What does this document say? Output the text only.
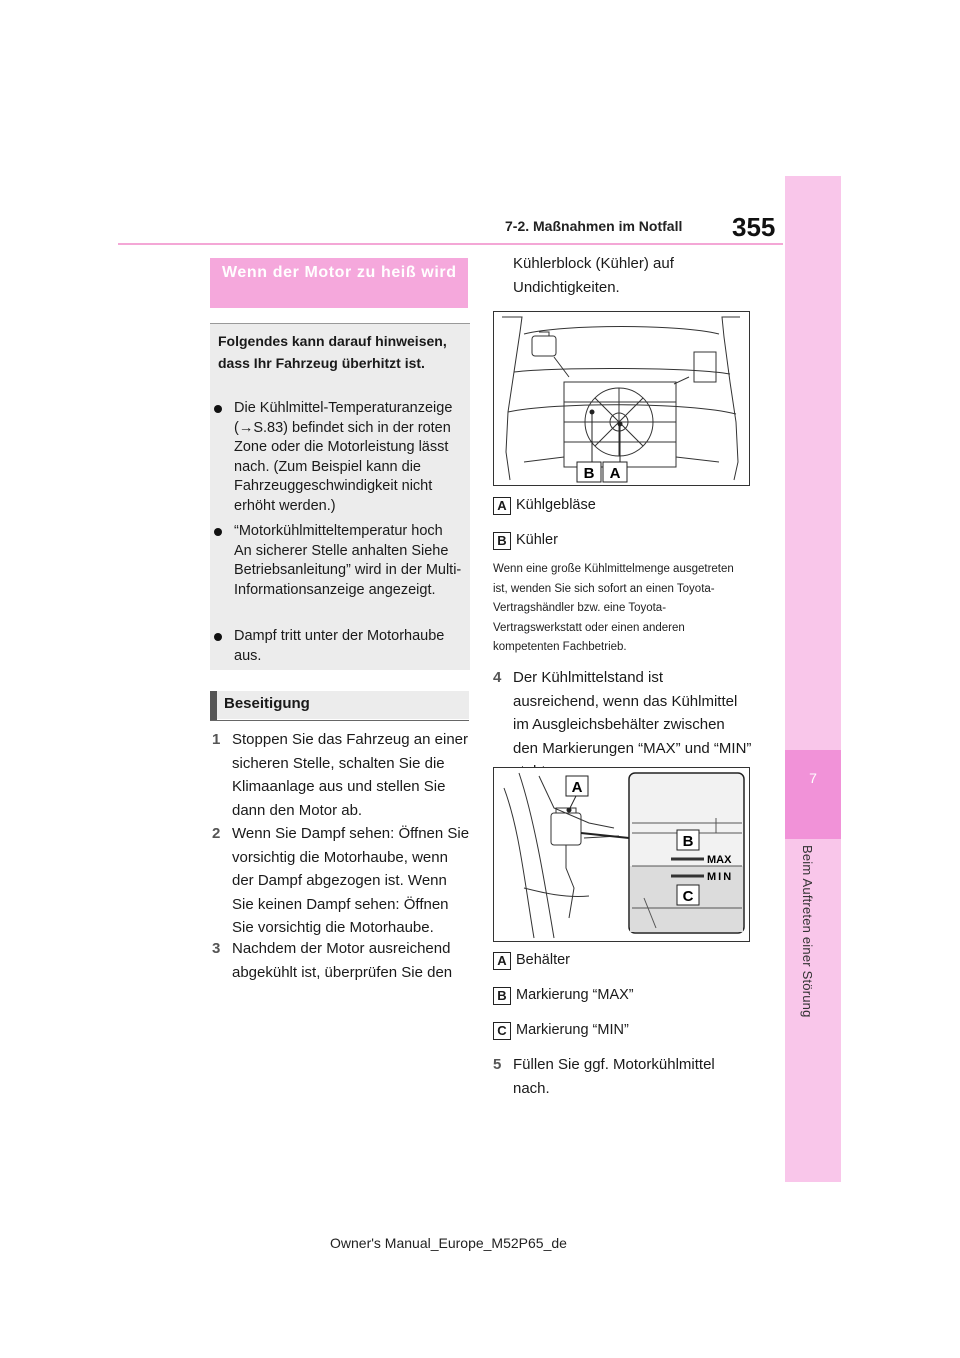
7-2. Maßnahmen im Notfall 355
7
Beim Auftreten einer Störung
Wenn der Motor zu heiß wird
Folgendes kann darauf hinweisen, dass Ihr Fahrzeug überhitzt ist.
Die Kühlmittel-Temperaturanzeige (→S.83) befindet sich in der roten Zone oder die Motorleistung lässt nach. (Zum Beispiel kann die Fahrzeuggeschwindigkeit nicht erhöht werden.)
“Motorkühlmitteltemperatur hoch An sicherer Stelle anhalten Siehe Betriebsanleitung” wird in der Multi-Informationsanzeige angezeigt.
Dampf tritt unter der Motorhaube aus.
Beseitigung
1 Stoppen Sie das Fahrzeug an einer sicheren Stelle, schalten Sie die Klimaanlage aus und stellen Sie dann den Motor ab.
2 Wenn Sie Dampf sehen: Öffnen Sie vorsichtig die Motorhaube, wenn der Dampf abgezogen ist. Wenn Sie keinen Dampf sehen: Öffnen Sie vorsichtig die Motorhaube.
3 Nachdem der Motor ausreichend abgekühlt ist, überprüfen Sie den
Kühlerblock (Kühler) auf Undichtigkeiten.
B A
A Kühlgebläse
B Kühler
Wenn eine große Kühlmittelmenge ausgetreten ist, wenden Sie sich sofort an einen Toyota-Vertragshändler bzw. eine Toyota-Vertragswerkstatt oder einen anderen kompetenten Fachbetrieb.
4 Der Kühlmittelstand ist ausreichend, wenn das Kühlmittel im Ausgleichsbehälter zwischen den Markierungen “MAX” und “MIN”
A
MAX
MIN
B
C
A Behälter
B Markierung “MAX”
C Markierung “MIN”
5 Füllen Sie ggf. Motorkühlmittel nach.
Owner's Manual_Europe_M52P65_de
